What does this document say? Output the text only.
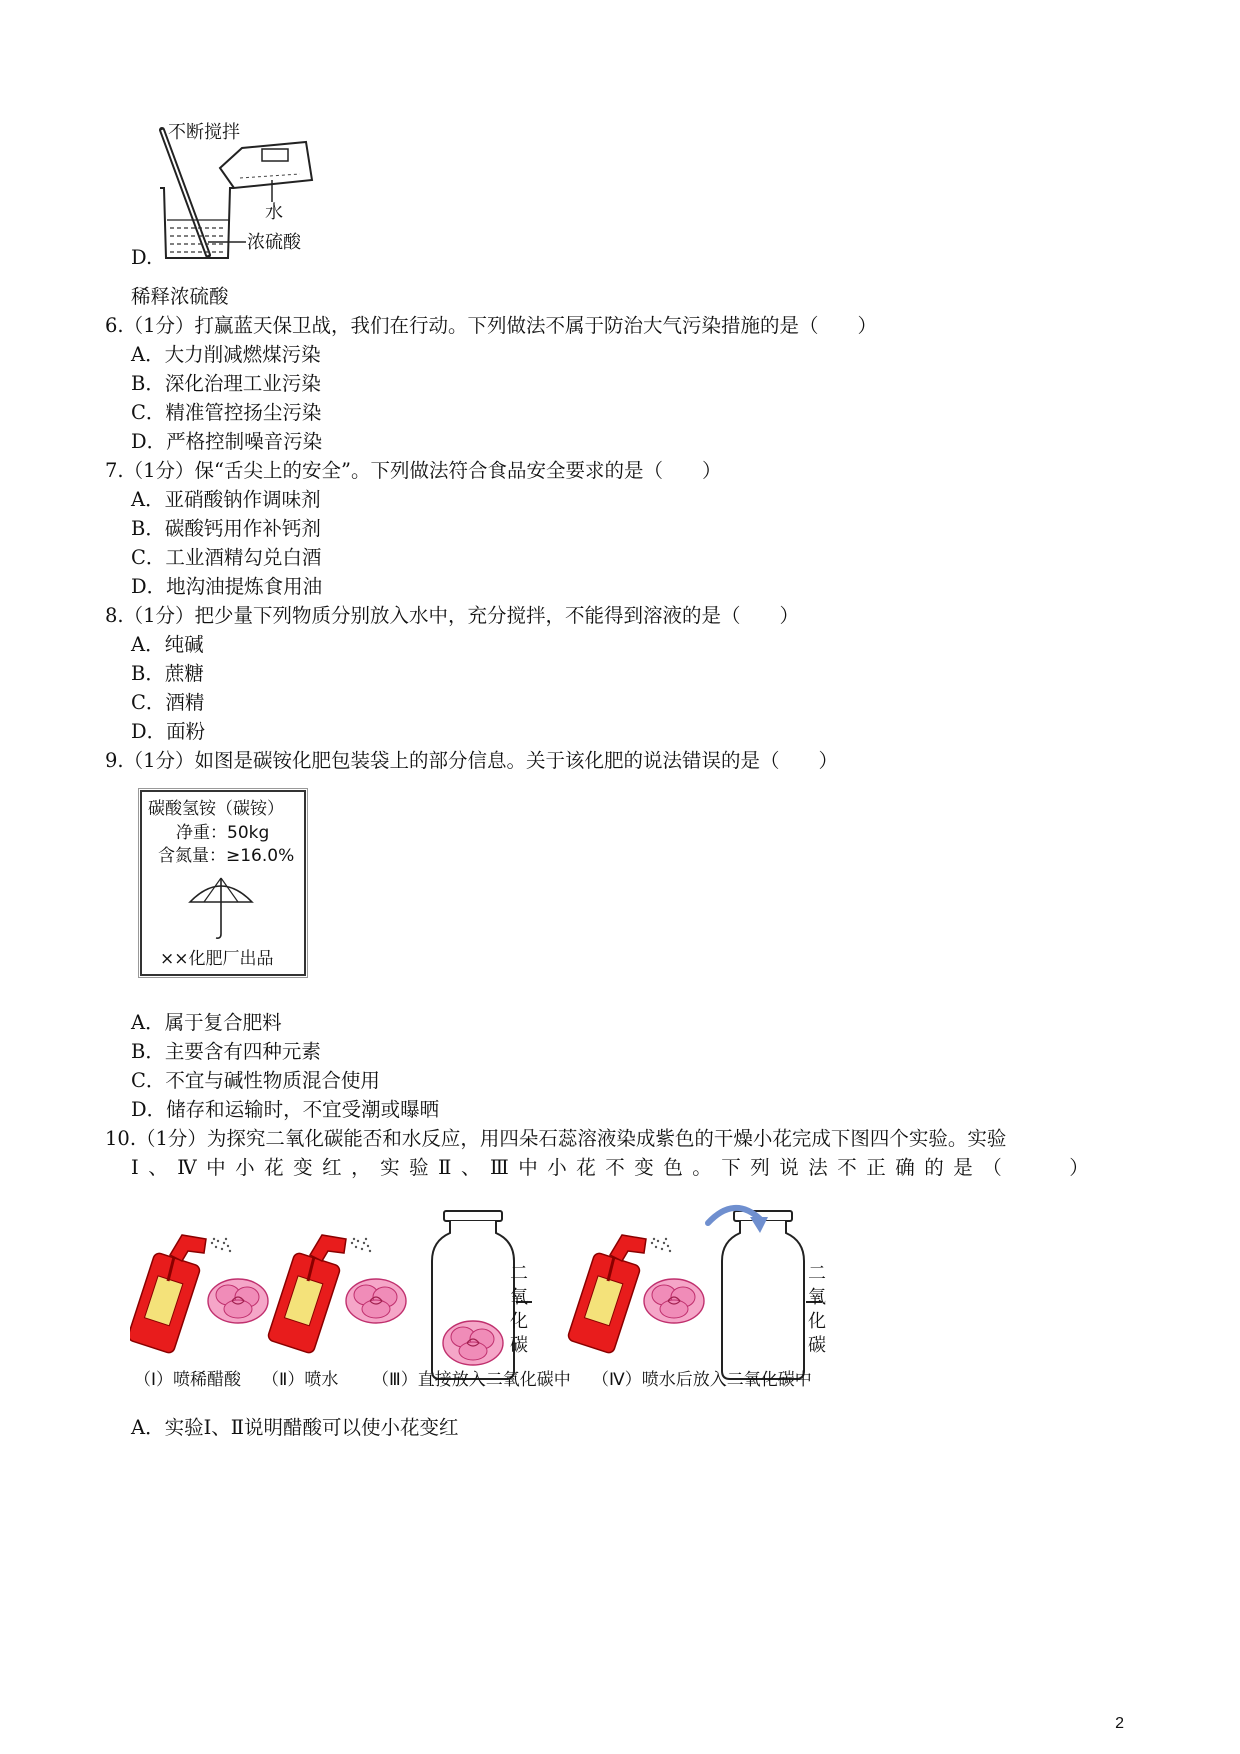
不断搅拌
水
浓硫酸
D.
稀释浓硫酸
6.（1分）打赢蓝天保卫战，我们在行动。下列做法不属于防治大气污染措施的是（　　）
A．大力削减燃煤污染
B．深化治理工业污染
C．精准管控扬尘污染
D．严格控制噪音污染
7.（1分）保“舌尖上的安全”。下列做法符合食品安全要求的是（　　）
A．亚硝酸钠作调味剂
B．碳酸钙用作补钙剂
C．工业酒精勾兑白酒
D．地沟油提炼食用油
8.（1分）把少量下列物质分别放入水中，充分搅拌，不能得到溶液的是（　　）
A．纯碱
B．蔗糖
C．酒精
D．面粉
9.（1分）如图是碳铵化肥包装袋上的部分信息。关于该化肥的说法错误的是（　　）
碳酸氢铵（碳铵）
净重：50kg
含氮量：≥16.0%
××化肥厂出品
A．属于复合肥料
B．主要含有四种元素
C．不宜与碱性物质混合使用
D．储存和运输时，不宜受潮或曝晒
10.（1分）为探究二氧化碳能否和水反应，用四朵石蕊溶液染成紫色的干燥小花完成下图四个实验。实验
Ⅰ、Ⅳ中小花变红，实验Ⅱ、Ⅲ中小花不变色。下列说法不正确的是（　　）
二
氧
化
碳
二
氧
化
碳
（Ⅰ）喷稀醋酸 （Ⅱ）喷水 （Ⅲ）直接放入二氧化碳中 （Ⅳ）喷水后放入二氧化碳中
A．实验Ⅰ、Ⅱ说明醋酸可以使小花变红
2
